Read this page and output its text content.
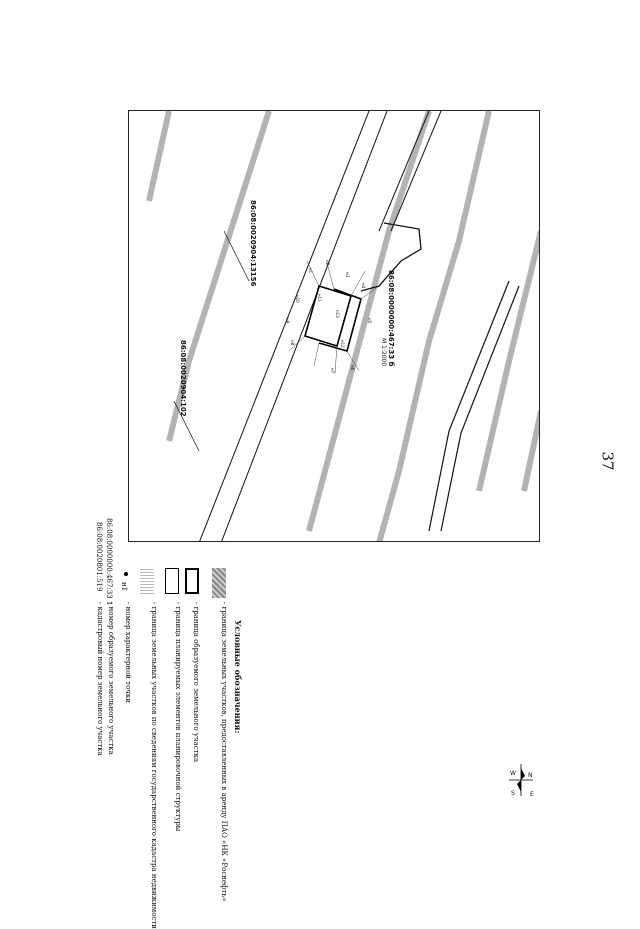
86:08:0000000:467:33 б
86:08:0020904:13156
86:08:0020904:102	M 1:2000
н1
н2
н3
н4
н5
н6
н7
н8
н9
н10	н11
н12
н13
37
Условные обозначения:
- граница земельных участков, предоставленных в аренду ПАО «НК «Роснефть»
- граница образуемого земельного участка
- граница планируемых элементов планировочной структуры
- граница земельных участков по сведениям государственного кадастра недвижимости
н1
- номер характерной точки
86:08:0000000:467:33 1
- номер образуемого земельного участка
86:08:0020801:519
- кадастровый номер земельного участка
N
S	E
W
